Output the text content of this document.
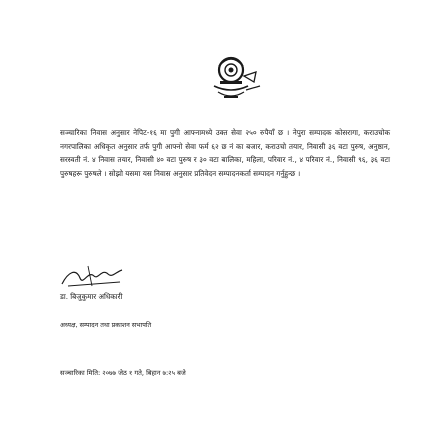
सञ्चारिका निवास अनुसार नेपिट-१६ मा पुगी आफ्नामध्ये उक्त सेवा २५० रुपैयाँ छ । नेपुरा सम्पादक कोसरागा, कराउचोक नगरपालिका अधिकृत अनुसार तर्फ पुगी आफ्नो सेवा फर्म ६२ छ नं का बजार, कराउचो तयार, निवासी ३६ वटा पुरुष, अनुष्ठान, सरस्वती नं. ४ निवास तयार, निवासी ४० वटा पुरुष र ३० वटा बालिका, महिला, परिवार नं., ४ परिवार नं., निवासी ९६, ३६ वटा पुरुषहरू पुरुषले । सोझो यसमा यस निवास अनुसार प्रतिवेदन सम्पादनकर्ता सम्पादन गर्नुहुन्छ ।

डा. बिजुकुमार अधिकारी
अध्यक्ष, सम्पादन तथा प्रकाशन सभापति
सञ्चारिका मिति: २०७७ जेठ १ गते, बिहान ७:२५ बजे
